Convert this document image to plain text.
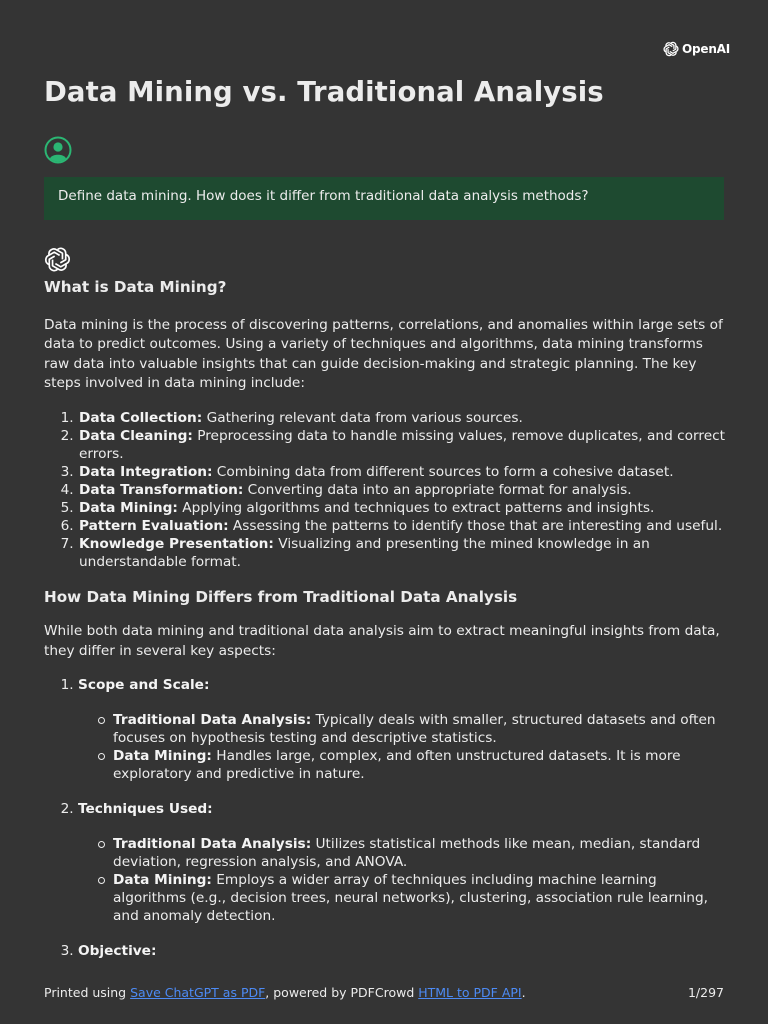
OpenAI
Data Mining vs. Traditional Analysis
Define data mining. How does it differ from traditional data analysis methods?
What is Data Mining?

Data mining is the process of discovering patterns, correlations, and anomalies within large sets of data to predict outcomes. Using a variety of techniques and algorithms, data mining transforms raw data into valuable insights that can guide decision-making and strategic planning. The key steps involved in data mining include:

1. Data Collection: Gathering relevant data from various sources.
2. Data Cleaning: Preprocessing data to handle missing values, remove duplicates, and correct errors.
3. Data Integration: Combining data from different sources to form a cohesive dataset.
4. Data Transformation: Converting data into an appropriate format for analysis.
5. Data Mining: Applying algorithms and techniques to extract patterns and insights.
6. Pattern Evaluation: Assessing the patterns to identify those that are interesting and useful.
7. Knowledge Presentation: Visualizing and presenting the mined knowledge in an understandable format.
How Data Mining Differs from Traditional Data Analysis

While both data mining and traditional data analysis aim to extract meaningful insights from data, they differ in several key aspects:

1. Scope and Scale:
Traditional Data Analysis: Typically deals with smaller, structured datasets and often focuses on hypothesis testing and descriptive statistics.
Data Mining: Handles large, complex, and often unstructured datasets. It is more exploratory and predictive in nature.
2. Techniques Used:
Traditional Data Analysis: Utilizes statistical methods like mean, median, standard deviation, regression analysis, and ANOVA.
Data Mining: Employs a wider array of techniques including machine learning algorithms (e.g., decision trees, neural networks), clustering, association rule learning, and anomaly detection.
3. Objective:
Printed using Save ChatGPT as PDF, powered by PDFCrowd HTML to PDF API.	1/297
